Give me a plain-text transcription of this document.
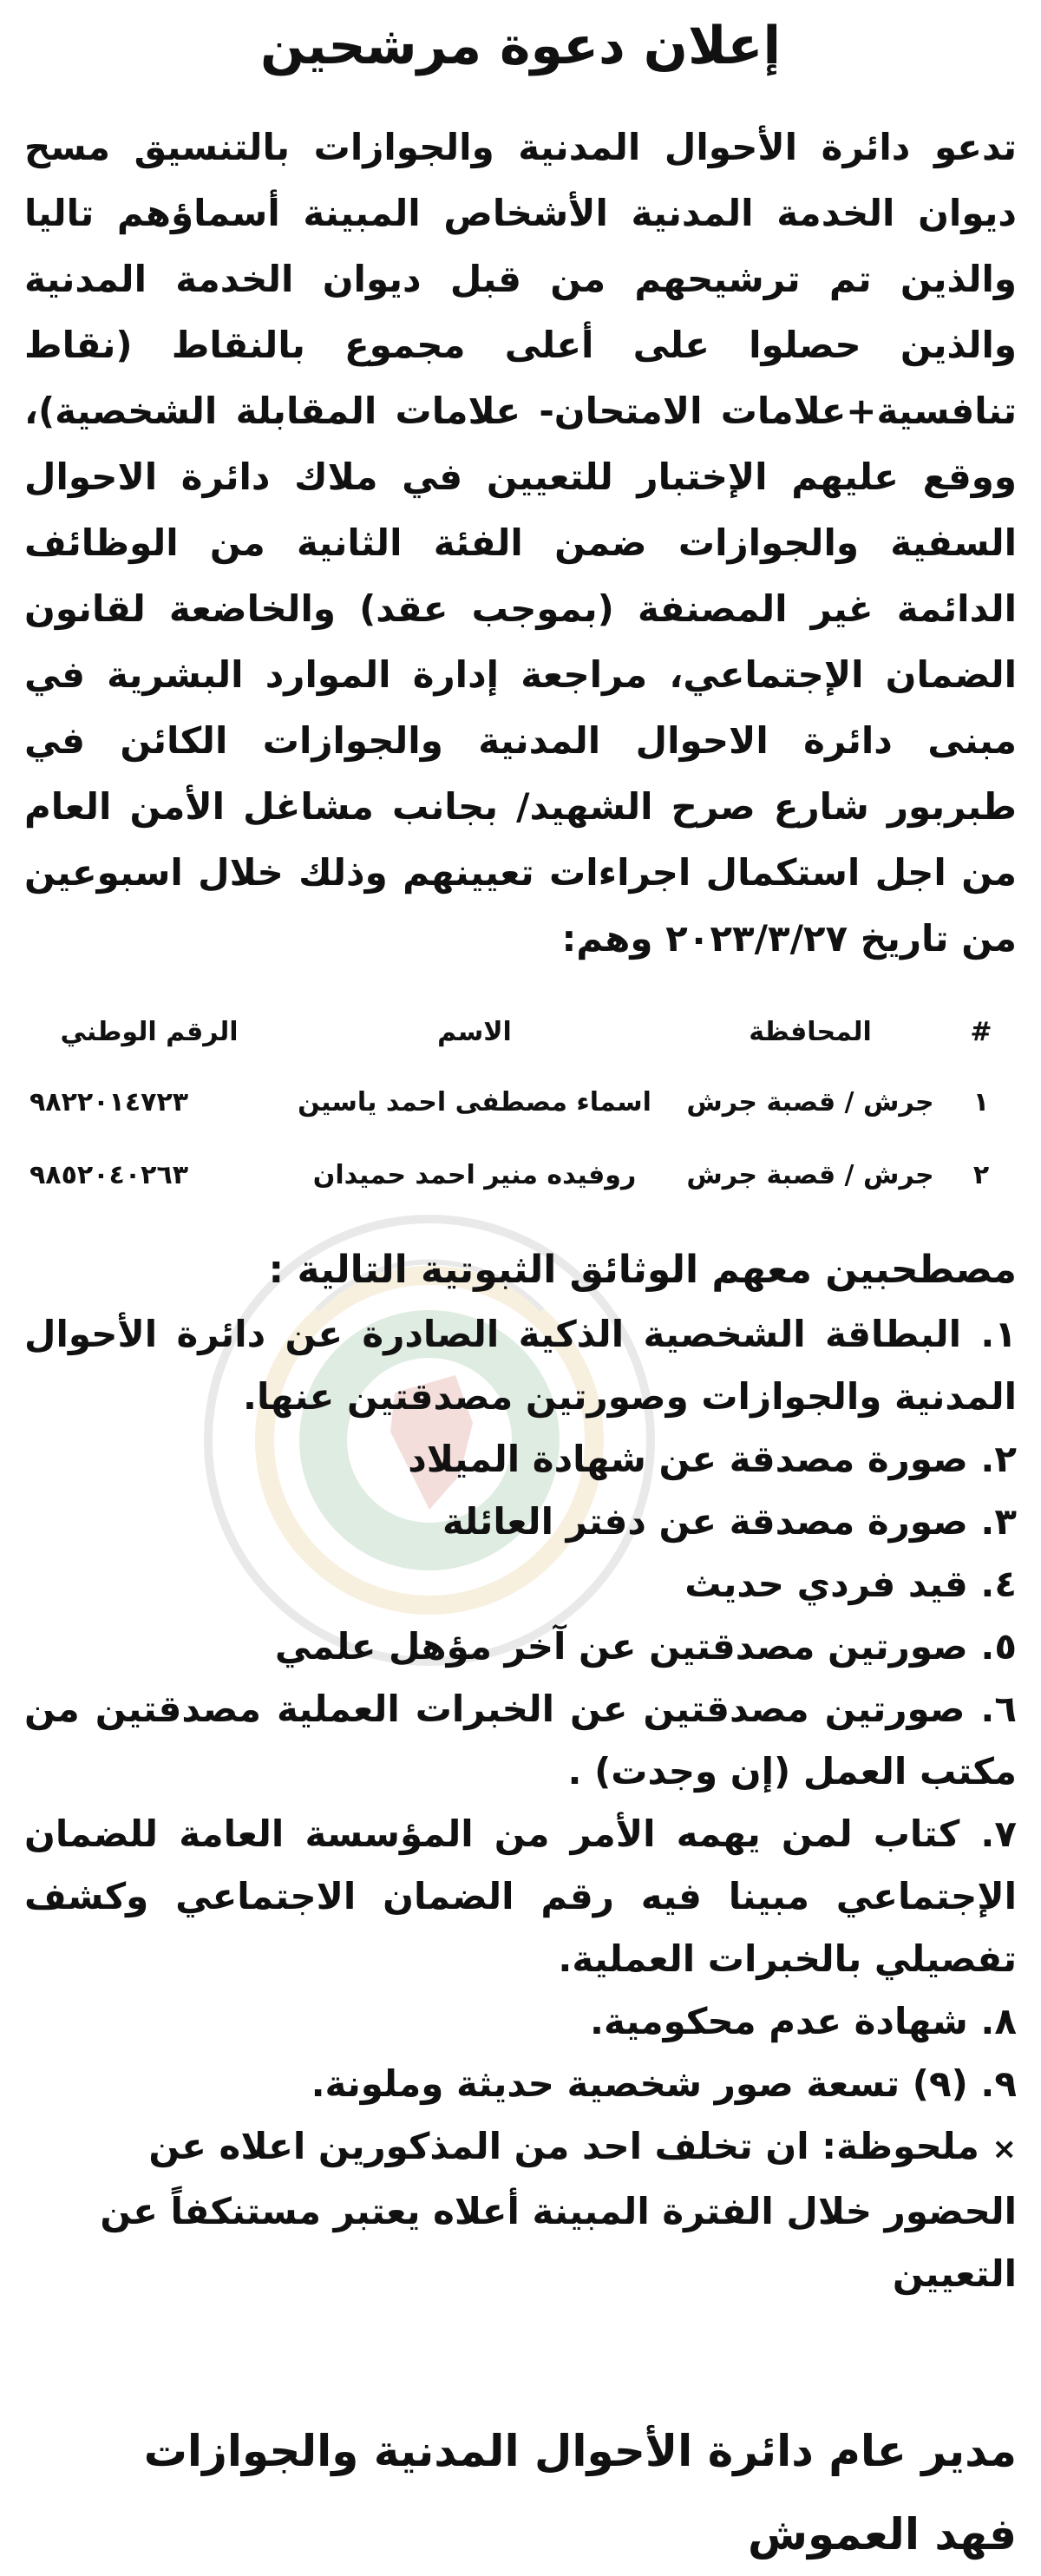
إعلان دعوة مرشحين

تدعو دائرة الأحوال المدنية والجوازات بالتنسيق مسح ديوان الخدمة المدنية الأشخاص المبينة أسماؤهم تاليا والذين تم ترشيحهم من قبل ديوان الخدمة المدنية والذين حصلوا على أعلى مجموع بالنقاط (نقاط تنافسية+علامات الامتحان- علامات المقابلة الشخصية)، ووقع عليهم الإختبار للتعيين في ملاك دائرة الاحوال السفية والجوازات ضمن الفئة الثانية من الوظائف الدائمة غير المصنفة (بموجب عقد) والخاضعة لقانون الضمان الإجتماعي، مراجعة إدارة الموارد البشرية في مبنى دائرة الاحوال المدنية والجوازات الكائن في طبربور شارع صرح الشهيد/ بجانب مشاغل الأمن العام من اجل استكمال اجراءات تعيينهم وذلك خلال اسبوعين من تاريخ ٢٠٢٣/٣/٢٧ وهم:

#	المحافظة	الاسم	الرقم الوطني
١	جرش / قصبة جرش	اسماء مصطفى احمد ياسين	٩٨٢٢٠١٤٧٢٣
٢	جرش / قصبة جرش	روفيده منير احمد حميدان	٩٨٥٢٠٤٠٢٦٣

مصطحبين معهم الوثائق الثبوتية التالية :

١. البطاقة الشخصية الذكية الصادرة عن دائرة الأحوال المدنية والجوازات وصورتين مصدقتين عنها.
٢. صورة مصدقة عن شهادة الميلاد
٣. صورة مصدقة عن دفتر العائلة
٤. قيد فردي حديث
٥. صورتين مصدقتين عن آخر مؤهل علمي
٦. صورتين مصدقتين عن الخبرات العملية مصدقتين من مكتب العمل (إن وجدت) .
٧. كتاب لمن يهمه الأمر من المؤسسة العامة للضمان الإجتماعي مبينا فيه رقم الضمان الاجتماعي وكشف تفصيلي بالخبرات العملية.
٨. شهادة عدم محكومية.
٩. (٩) تسعة صور شخصية حديثة وملونة.

× ملحوظة: ان تخلف احد من المذكورين اعلاه عن الحضور خلال الفترة المبينة أعلاه يعتبر مستنكفاً عن التعيين

مدير عام دائرة الأحوال المدنية والجوازات
فهد العموش
